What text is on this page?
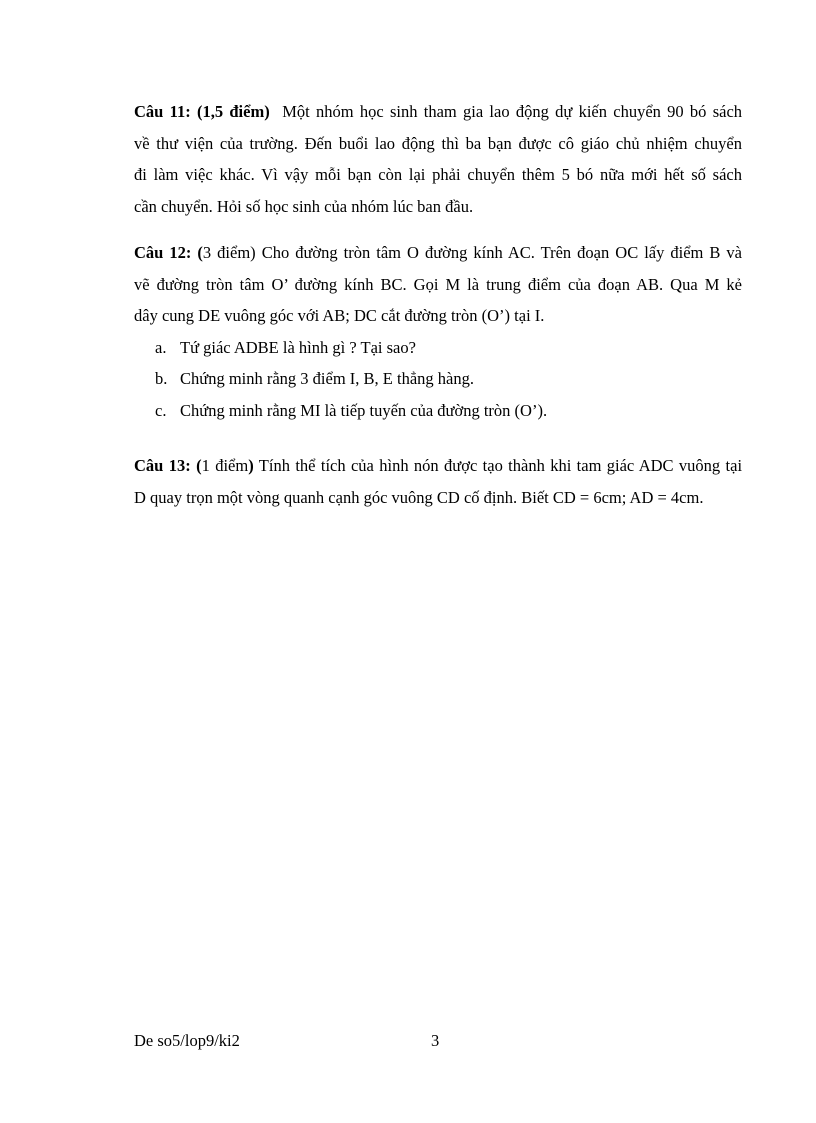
Câu 11: (1,5 điểm) Một nhóm học sinh tham gia lao động dự kiến chuyển 90 bó sách
về thư viện của trường. Đến buổi lao động thì ba bạn được cô giáo chủ nhiệm chuyển
đi làm việc khác. Vì vậy mỗi bạn còn lại phải chuyển thêm 5 bó nữa mới hết số sách
cần chuyển. Hỏi số học sinh của nhóm lúc ban đầu.
Câu 12: (3 điểm) Cho đường tròn tâm O đường kính AC. Trên đoạn OC lấy điểm B và
vẽ đường tròn tâm O’ đường kính BC. Gọi M là trung điểm của đoạn AB. Qua M kẻ
dây cung DE vuông góc với AB; DC cắt đường tròn (O’) tại I.
a. Tứ giác ADBE là hình gì ? Tại sao?
b. Chứng minh rằng 3 điểm I, B, E thẳng hàng.
c. Chứng minh rằng MI là tiếp tuyến của đường tròn (O’).
Câu 13: (1 điểm) Tính thể tích của hình nón được tạo thành khi tam giác ADC vuông tại
D quay trọn một vòng quanh cạnh góc vuông CD cố định. Biết CD = 6cm; AD = 4cm.
De so5/lop9/ki2	3
